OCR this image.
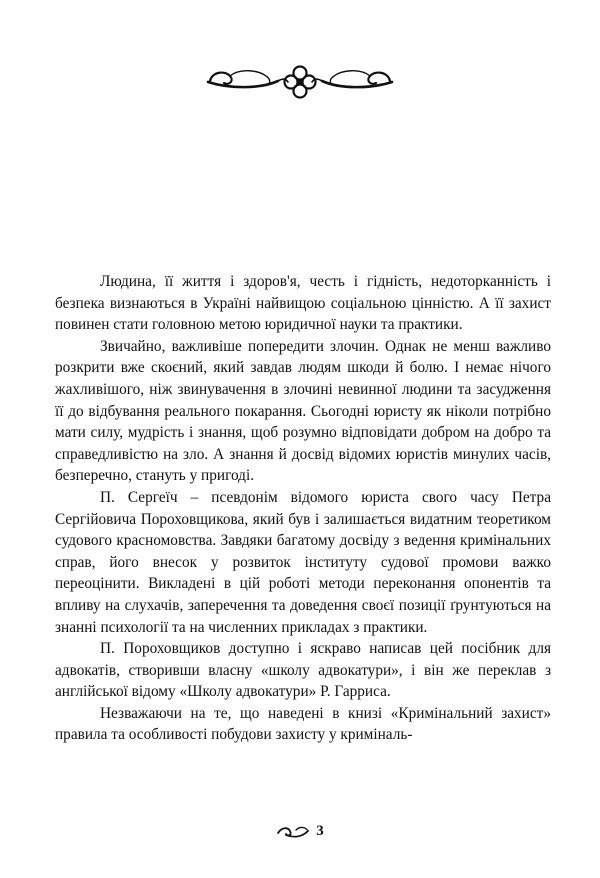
Людина, її життя і здоров'я, честь і гідність, недоторканність і безпека визнаються в Україні найвищою соціальною цінністю. А її захист повинен стати головною метою юридичної науки та практики.

Звичайно, важливіше попередити злочин. Однак не менш важливо розкрити вже скоєний, який завдав людям шкоди й болю. І немає нічого жахливішого, ніж звинувачення в злочині невинної людини та засудження її до відбування реального покарання. Сьогодні юристу як ніколи потрібно мати силу, мудрість і знання, щоб розумно відповідати добром на добро та справедливістю на зло. А знання й досвід відомих юристів минулих часів, безперечно, стануть у пригоді.

П. Сергеїч – псевдонім відомого юриста свого часу Петра Сергійовича Пороховщикова, який був і залишається видатним теоретиком судового красномовства. Завдяки багатому досвіду з ведення кримінальних справ, його внесок у розвиток інституту судової промови важко переоцінити. Викладені в цій роботі методи переконання опонентів та впливу на слухачів, заперечення та доведення своєї позиції ґрунтуються на знанні психології та на численних прикладах з практики.

П. Пороховщиков доступно і яскраво написав цей посібник для адвокатів, створивши власну «школу адвокатури», і він же переклав з англійської відому «Школу адвокатури» Р. Гарриса.

Незважаючи на те, що наведені в книзі «Кримінальний захист» правила та особливості побудови захисту у криміналь-

3
